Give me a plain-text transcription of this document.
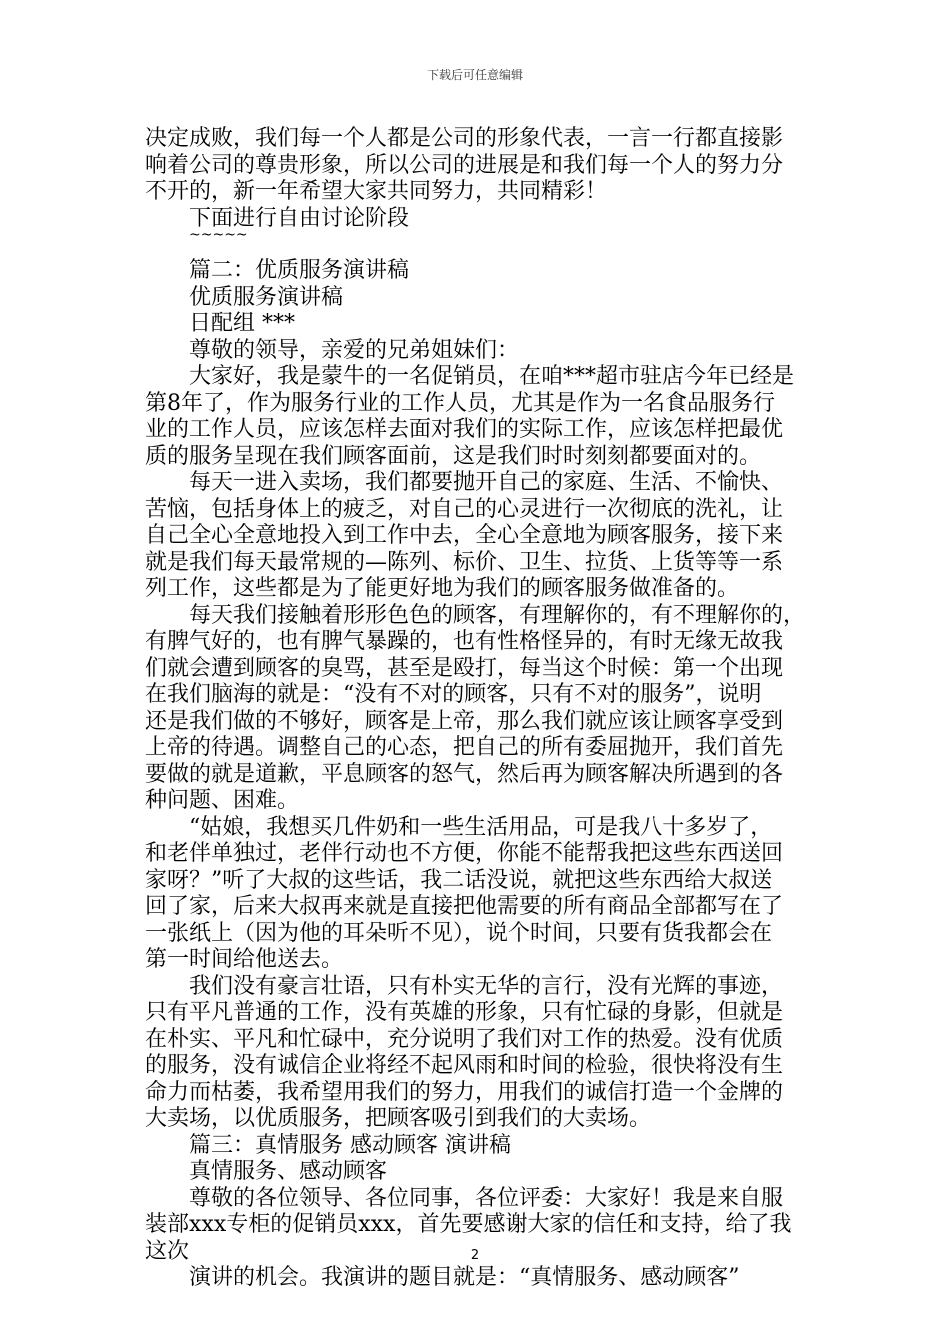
下载后可任意编辑
决定成败，我们每一个人都是公司的形象代表，一言一行都直接影
响着公司的尊贵形象，所以公司的进展是和我们每一个人的努力分
不开的，新一年希望大家共同努力，共同精彩！
下面进行自由讨论阶段
~~~~~
篇二：优质服务演讲稿
优质服务演讲稿
日配组 ***
尊敬的领导，亲爱的兄弟姐妹们：
大家好，我是蒙牛的一名促销员，在咱***超市驻店今年已经是
第8年了，作为服务行业的工作人员，尤其是作为一名食品服务行
业的工作人员，应该怎样去面对我们的实际工作，应该怎样把最优
质的服务呈现在我们顾客面前，这是我们时时刻刻都要面对的。
每天一进入卖场，我们都要抛开自己的家庭、生活、不愉快、
苦恼，包括身体上的疲乏，对自己的心灵进行一次彻底的洗礼，让
自己全心全意地投入到工作中去，全心全意地为顾客服务，接下来
就是我们每天最常规的—陈列、标价、卫生、拉货、上货等等一系
列工作，这些都是为了能更好地为我们的顾客服务做准备的。
每天我们接触着形形色色的顾客，有理解你的，有不理解你的，
有脾气好的，也有脾气暴躁的，也有性格怪异的，有时无缘无故我
们就会遭到顾客的臭骂，甚至是殴打，每当这个时候：第一个出现
在我们脑海的就是：“没有不对的顾客，只有不对的服务”，说明
还是我们做的不够好，顾客是上帝，那么我们就应该让顾客享受到
上帝的待遇。调整自己的心态，把自己的所有委屈抛开，我们首先
要做的就是道歉，平息顾客的怒气，然后再为顾客解决所遇到的各
种问题、困难。
“姑娘，我想买几件奶和一些生活用品，可是我八十多岁了，
和老伴单独过，老伴行动也不方便，你能不能帮我把这些东西送回
家呀？”听了大叔的这些话，我二话没说，就把这些东西给大叔送
回了家，后来大叔再来就是直接把他需要的所有商品全部都写在了
一张纸上（因为他的耳朵听不见），说个时间，只要有货我都会在
第一时间给他送去。
我们没有豪言壮语，只有朴实无华的言行，没有光辉的事迹，
只有平凡普通的工作，没有英雄的形象，只有忙碌的身影，但就是
在朴实、平凡和忙碌中，充分说明了我们对工作的热爱。没有优质
的服务，没有诚信企业将经不起风雨和时间的检验，很快将没有生
命力而枯萎，我希望用我们的努力，用我们的诚信打造一个金牌的
大卖场，以优质服务，把顾客吸引到我们的大卖场。
篇三：真情服务 感动顾客 演讲稿
真情服务、感动顾客
尊敬的各位领导、各位同事，各位评委：大家好！我是来自服
装部xxx专柜的促销员xxx，首先要感谢大家的信任和支持，给了我
这次
演讲的机会。我演讲的题目就是：“真情服务、感动顾客”
2
